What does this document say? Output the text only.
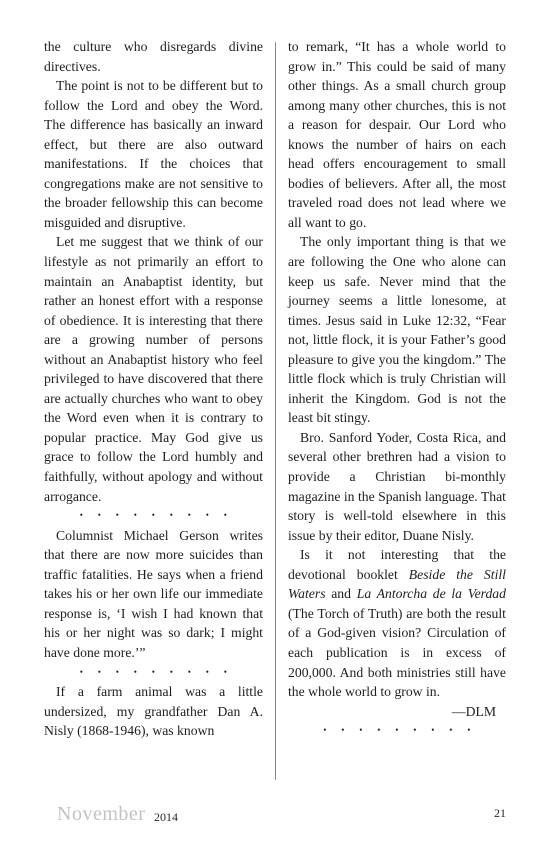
the culture who disregards divine directives.

The point is not to be different but to follow the Lord and obey the Word. The difference has basically an inward effect, but there are also outward manifestations. If the choices that congregations make are not sensitive to the broader fellowship this can become misguided and disruptive.

Let me suggest that we think of our lifestyle as not primarily an effort to maintain an Anabaptist identity, but rather an honest effort with a response of obedience. It is interesting that there are a growing number of persons without an Anabaptist history who feel privileged to have discovered that there are actually churches who want to obey the Word even when it is contrary to popular practice. May God give us grace to follow the Lord humbly and faithfully, without apology and without arrogance.

• • • • • • • • •

Columnist Michael Gerson writes that there are now more suicides than traffic fatalities. He says when a friend takes his or her own life our immediate response is, ‘I wish I had known that his or her night was so dark; I might have done more.’”

• • • • • • • • •

If a farm animal was a little undersized, my grandfather Dan A. Nisly (1868-1946), was known

to remark, “It has a whole world to grow in.” This could be said of many other things. As a small church group among many other churches, this is not a reason for despair. Our Lord who knows the number of hairs on each head offers encouragement to small bodies of believers. After all, the most traveled road does not lead where we all want to go.

The only important thing is that we are following the One who alone can keep us safe. Never mind that the journey seems a little lonesome, at times. Jesus said in Luke 12:32, “Fear not, little flock, it is your Father’s good pleasure to give you the kingdom.” The little flock which is truly Christian will inherit the Kingdom. God is not the least bit stingy.

Bro. Sanford Yoder, Costa Rica, and several other brethren had a vision to provide a Christian bi-monthly magazine in the Spanish language. That story is well-told elsewhere in this issue by their editor, Duane Nisly.

Is it not interesting that the devotional booklet Beside the Still Waters and La Antorcha de la Verdad (The Torch of Truth) are both the result of a God-given vision? Circulation of each publication is in excess of 200,000. And both ministries still have the whole world to grow in.

—DLM

• • • • • • • • •
November 2014	21
